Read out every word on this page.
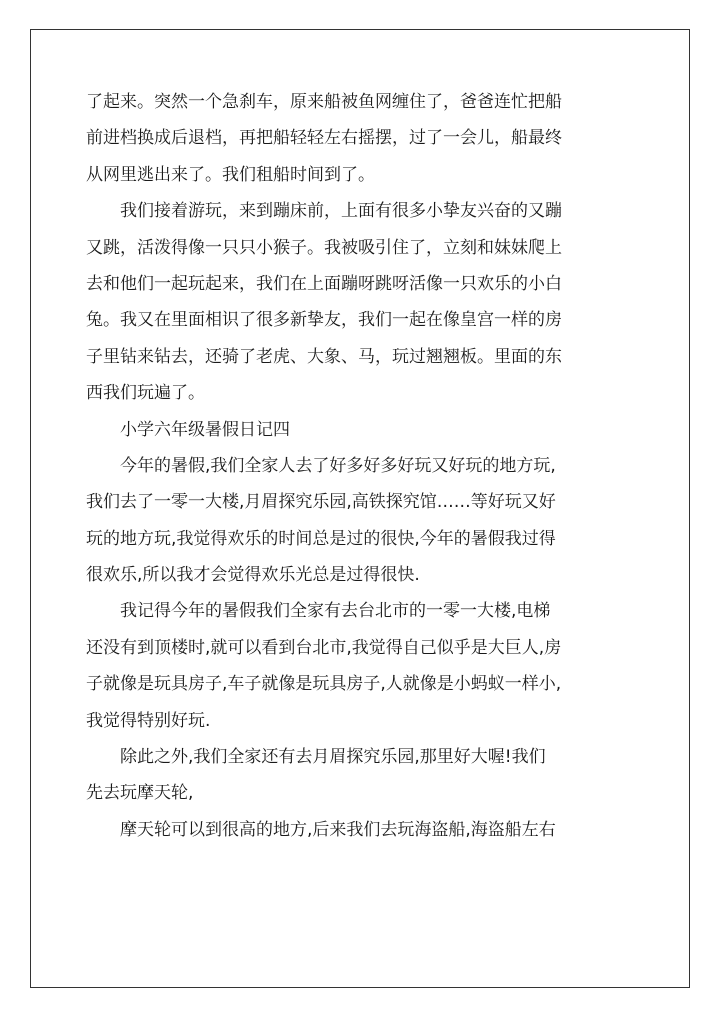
了起来。突然一个急刹车，原来船被鱼网缠住了，爸爸连忙把船
前进档换成后退档，再把船轻轻左右摇摆，过了一会儿，船最终
从网里逃出来了。我们租船时间到了。
我们接着游玩，来到蹦床前，上面有很多小挚友兴奋的又蹦
又跳，活泼得像一只只小猴子。我被吸引住了，立刻和妹妹爬上
去和他们一起玩起来，我们在上面蹦呀跳呀活像一只欢乐的小白
兔。我又在里面相识了很多新挚友，我们一起在像皇宫一样的房
子里钻来钻去，还骑了老虎、大象、马，玩过翘翘板。里面的东
西我们玩遍了。
小学六年级暑假日记四
今年的暑假,我们全家人去了好多好多好玩又好玩的地方玩,
我们去了一零一大楼,月眉探究乐园,高铁探究馆……等好玩又好
玩的地方玩,我觉得欢乐的时间总是过的很快,今年的暑假我过得
很欢乐,所以我才会觉得欢乐光总是过得很快.
我记得今年的暑假我们全家有去台北市的一零一大楼,电梯
还没有到顶楼时,就可以看到台北市,我觉得自己似乎是大巨人,房
子就像是玩具房子,车子就像是玩具房子,人就像是小蚂蚁一样小,
我觉得特别好玩.
除此之外,我们全家还有去月眉探究乐园,那里好大喔!我们
先去玩摩天轮,
摩天轮可以到很高的地方,后来我们去玩海盗船,海盗船左右
